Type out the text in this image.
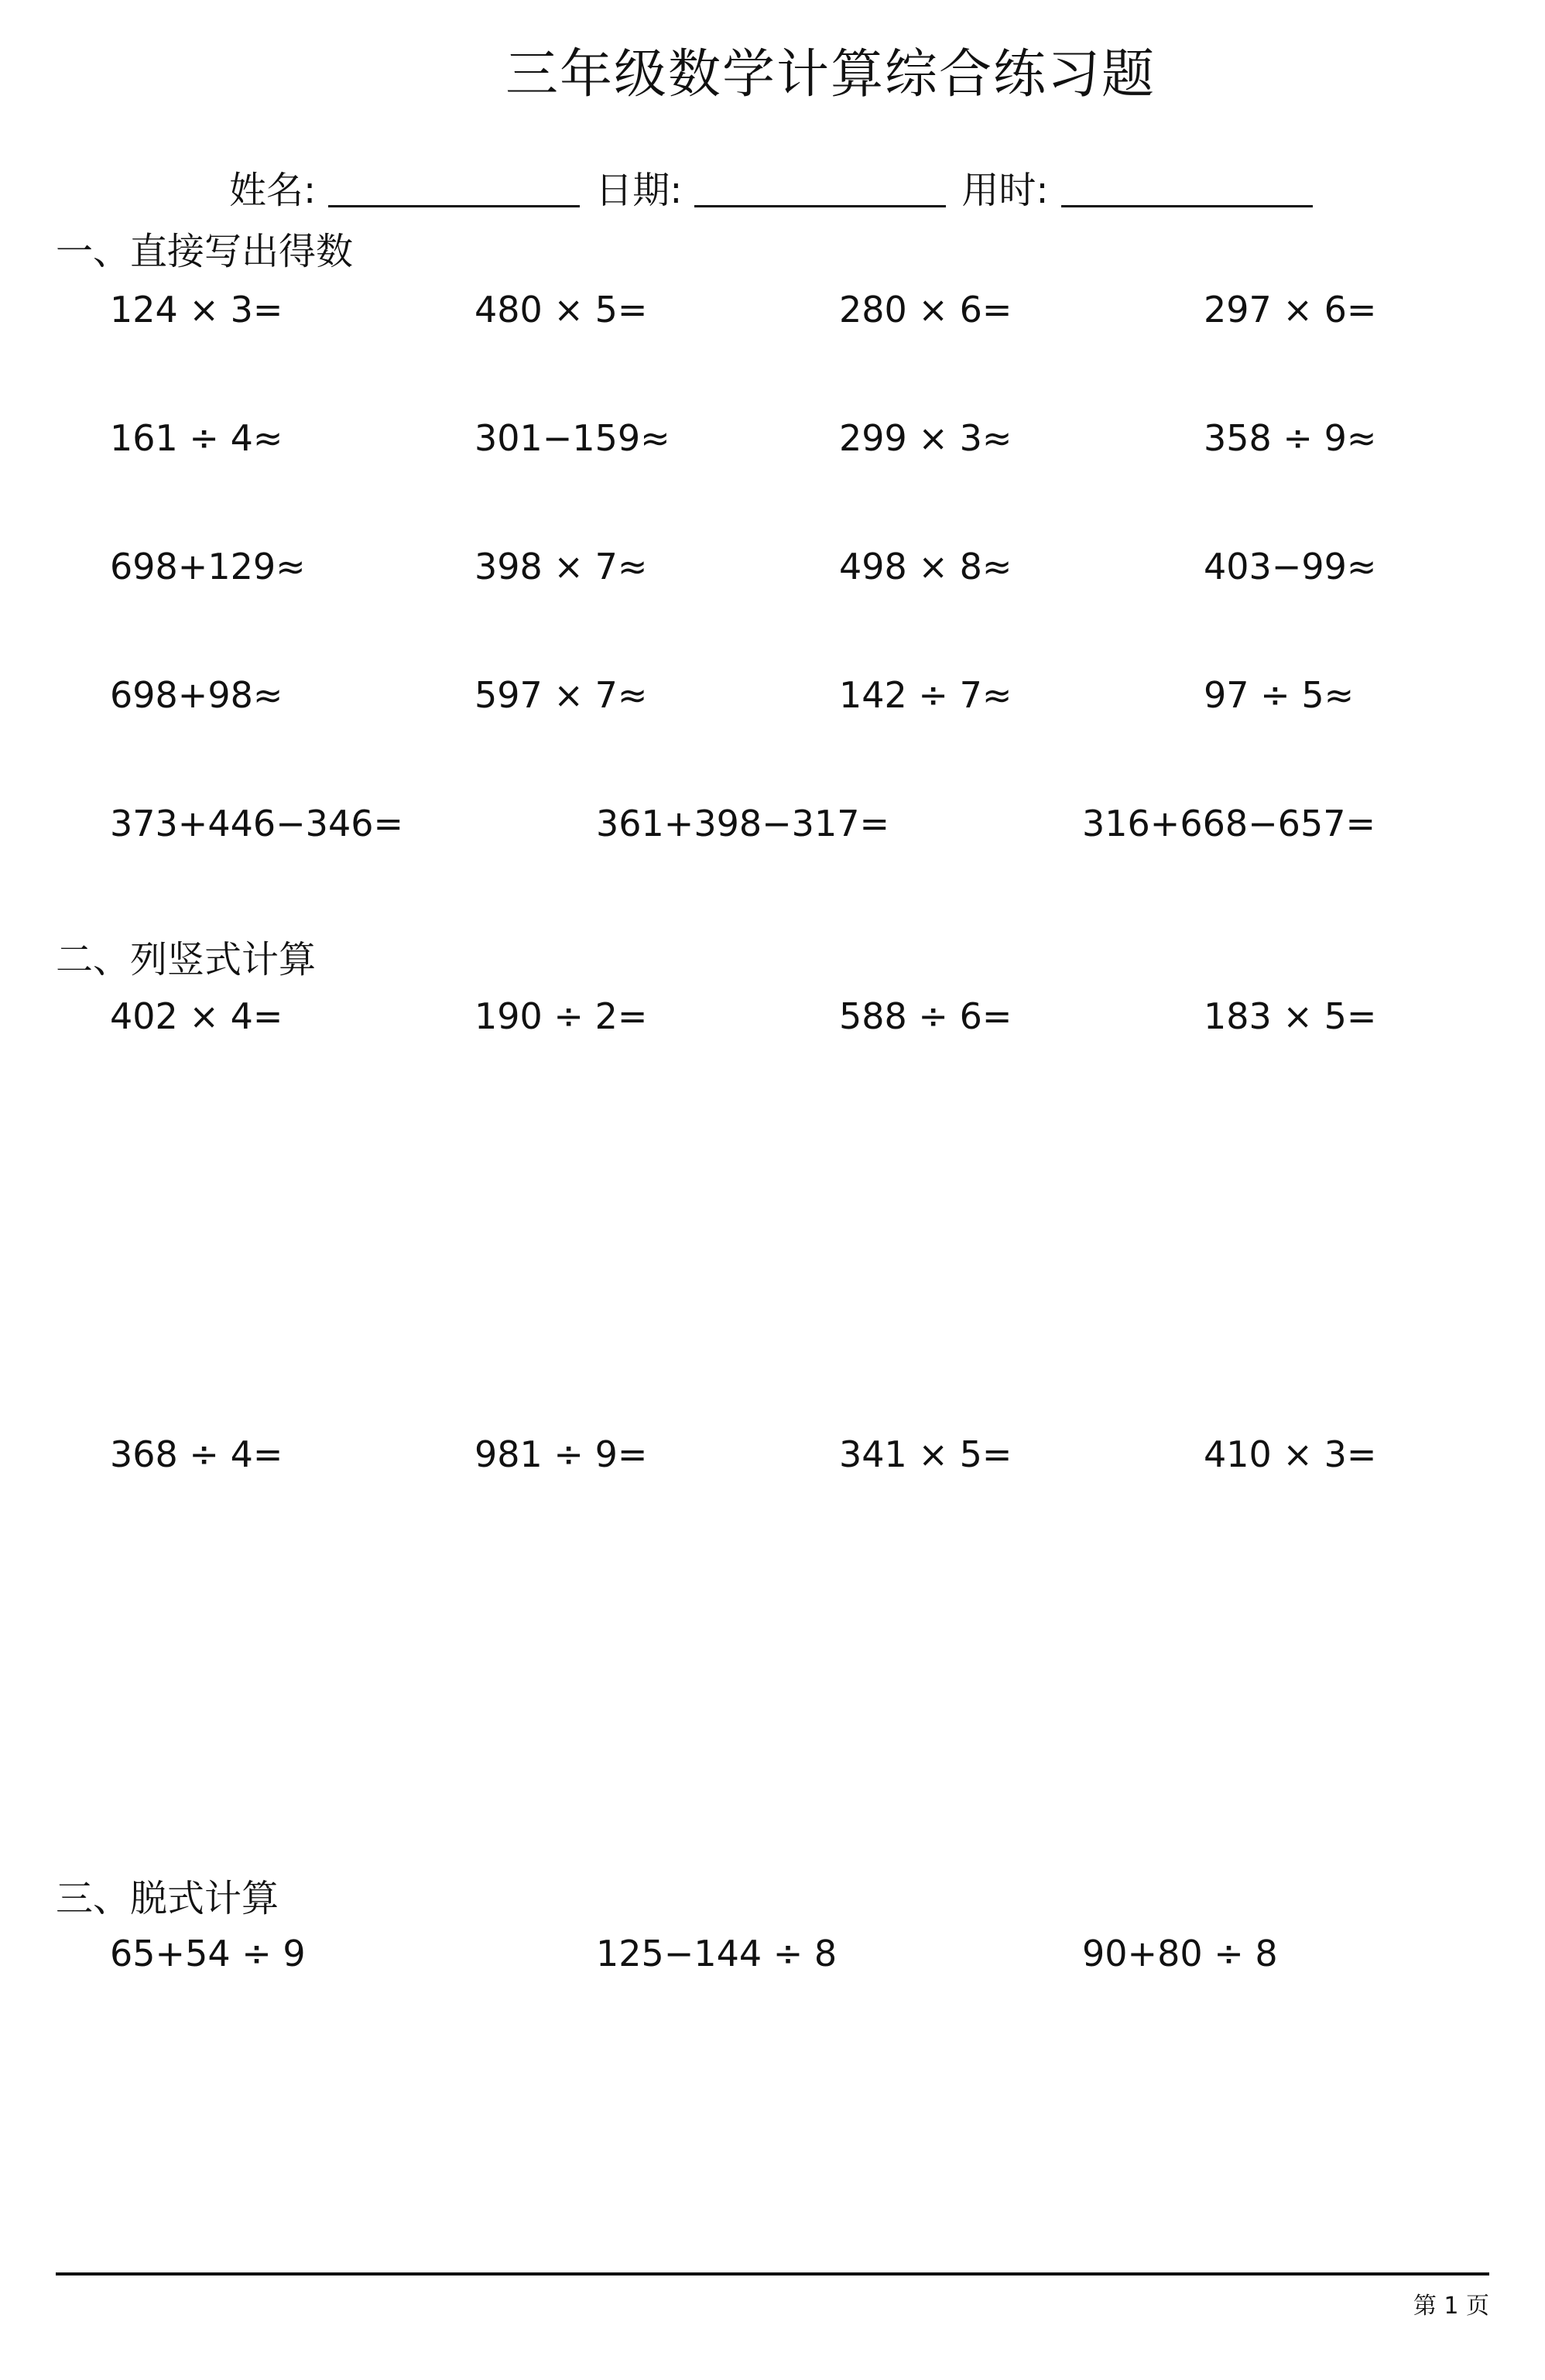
三年级数学计算综合练习题
姓名:	日期:	用时:
一、直接写出得数
124 × 3=	480 × 5=	280 × 6=	297 × 6=
161 ÷ 4≈	301−159≈	299 × 3≈	358 ÷ 9≈
698+129≈	398 × 7≈	498 × 8≈	403−99≈
698+98≈	597 × 7≈	142 ÷ 7≈	97 ÷ 5≈
373+446−346=	361+398−317=	316+668−657=
二、列竖式计算
402 × 4=	190 ÷ 2=	588 ÷ 6=	183 × 5=
368 ÷ 4=	981 ÷ 9=	341 × 5=	410 × 3=
三、脱式计算
65+54 ÷ 9	125−144 ÷ 8	90+80 ÷ 8
第 1 页
